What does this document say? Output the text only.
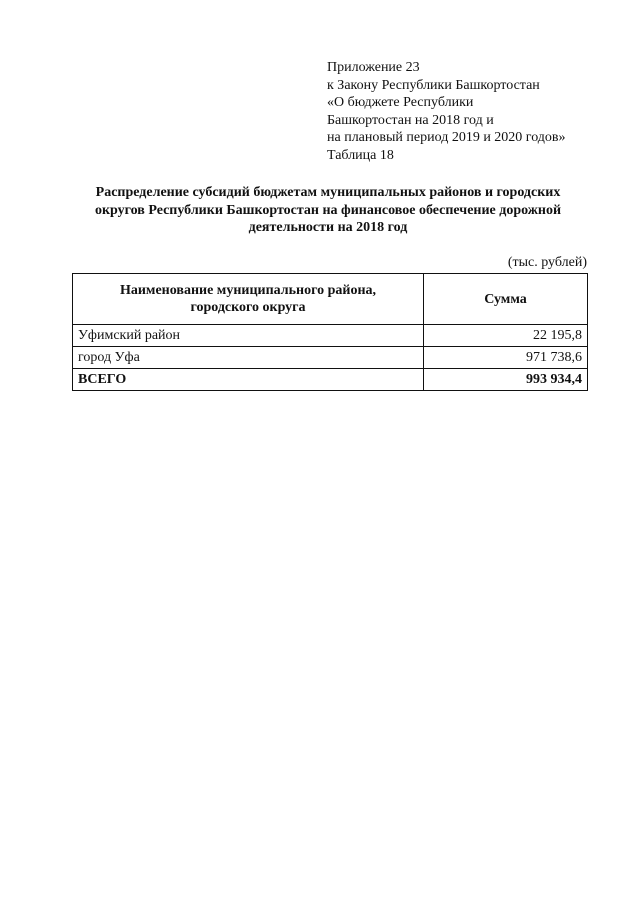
Приложение 23
к Закону Республики Башкортостан
«О бюджете Республики
Башкортостан на 2018 год и
на плановый период 2019 и 2020 годов»
Таблица 18
Распределение субсидий бюджетам муниципальных районов и городских
округов Республики Башкортостан на финансовое обеспечение дорожной
деятельности на 2018 год
(тыс. рублей)
Наименование муниципального района,
городского округа	Сумма
Уфимский район	22 195,8
город Уфа	971 738,6
ВСЕГО	993 934,4
